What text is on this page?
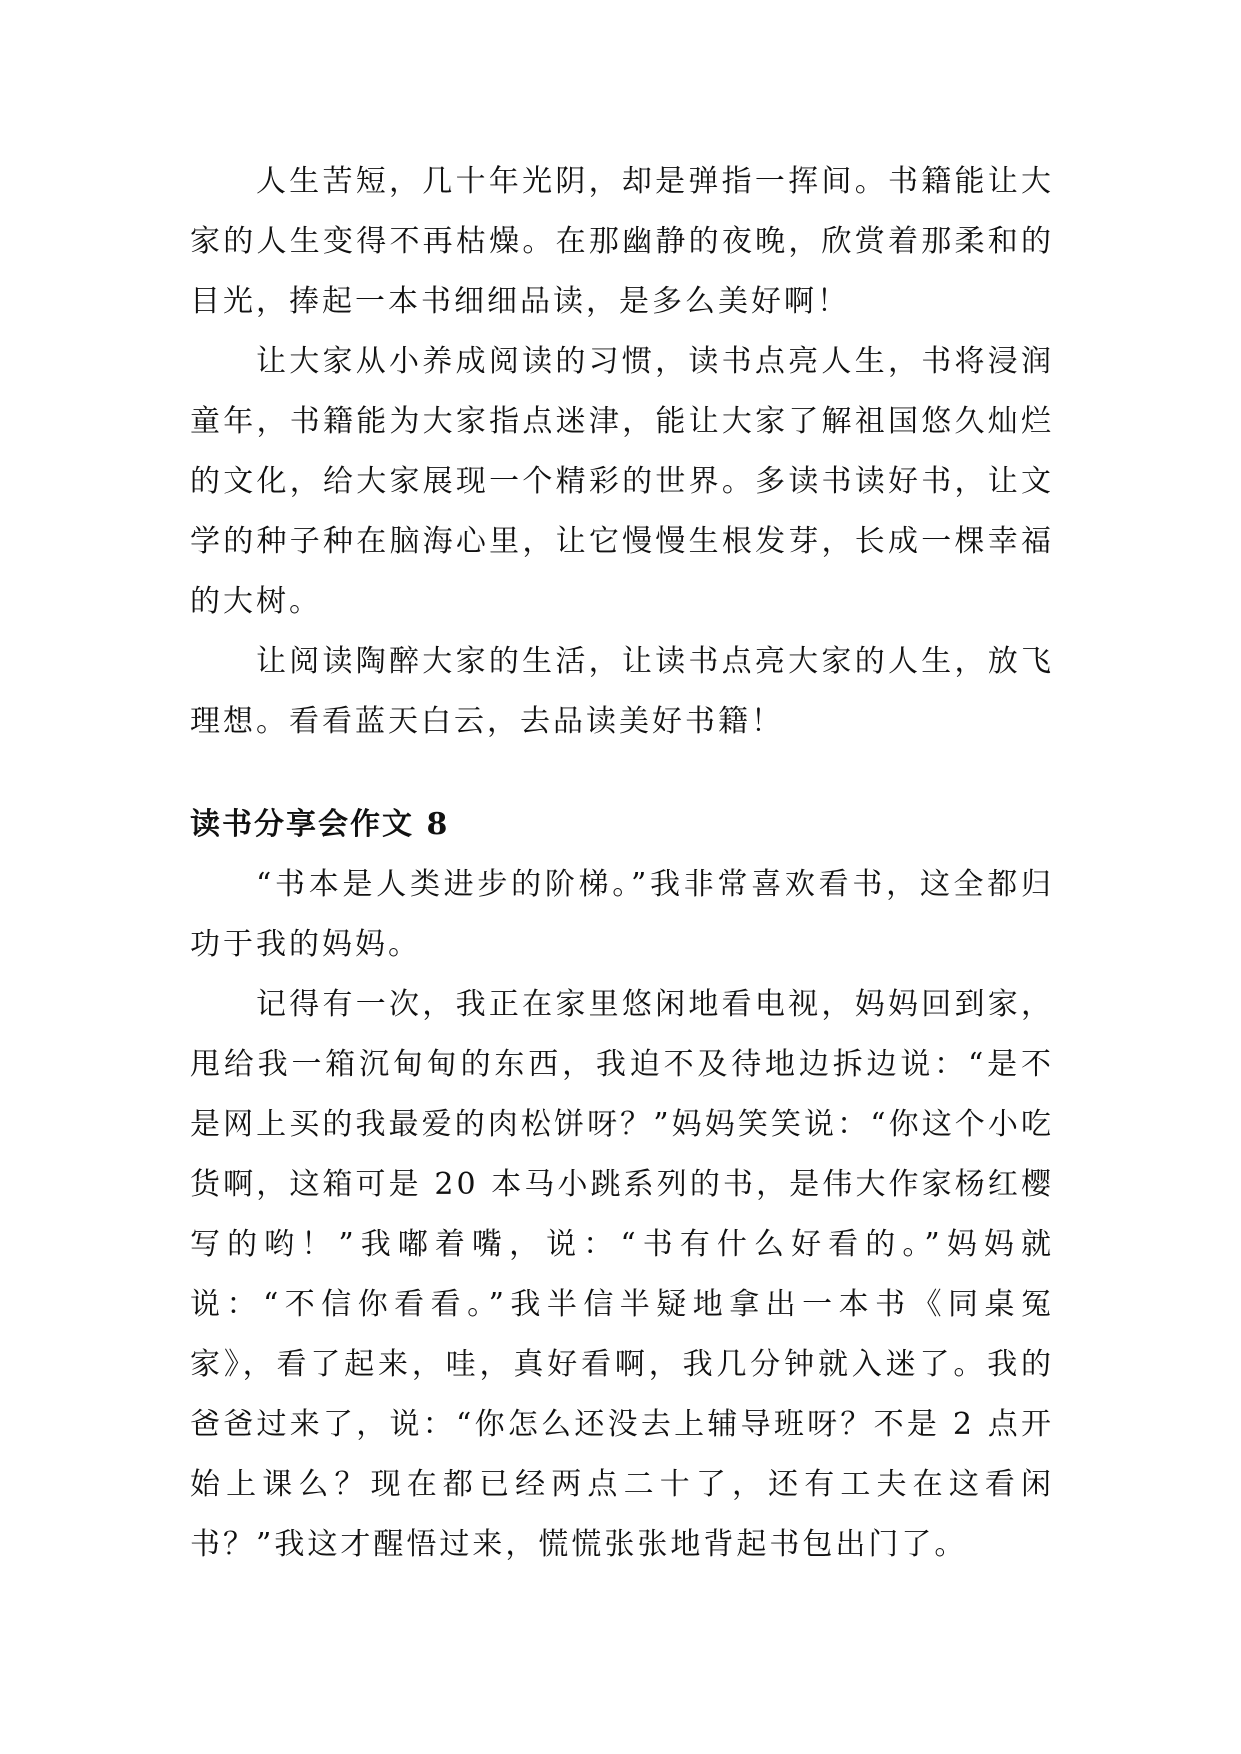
人生苦短，几十年光阴，却是弹指一挥间。书籍能让大家的人生变得不再枯燥。在那幽静的夜晚，欣赏着那柔和的目光，捧起一本书细细品读，是多么美好啊！

让大家从小养成阅读的习惯，读书点亮人生，书将浸润童年，书籍能为大家指点迷津，能让大家了解祖国悠久灿烂的文化，给大家展现一个精彩的世界。多读书读好书，让文学的种子种在脑海心里，让它慢慢生根发芽，长成一棵幸福的大树。

让阅读陶醉大家的生活，让读书点亮大家的人生，放飞理想。看看蓝天白云，去品读美好书籍！

读书分享会作文 8

“书本是人类进步的阶梯。”我非常喜欢看书，这全都归功于我的妈妈。

记得有一次，我正在家里悠闲地看电视，妈妈回到家，甩给我一箱沉甸甸的东西，我迫不及待地边拆边说：“是不是网上买的我最爱的肉松饼呀？”妈妈笑笑说：“你这个小吃货啊，这箱可是 20 本马小跳系列的书，是伟大作家杨红樱写的哟！”我嘟着嘴，说：“书有什么好看的。”妈妈就说：“不信你看看。”我半信半疑地拿出一本书《同桌冤家》，看了起来，哇，真好看啊，我几分钟就入迷了。我的爸爸过来了，说：“你怎么还没去上辅导班呀？不是 2 点开始上课么？现在都已经两点二十了，还有工夫在这看闲书？”我这才醒悟过来，慌慌张张地背起书包出门了。
